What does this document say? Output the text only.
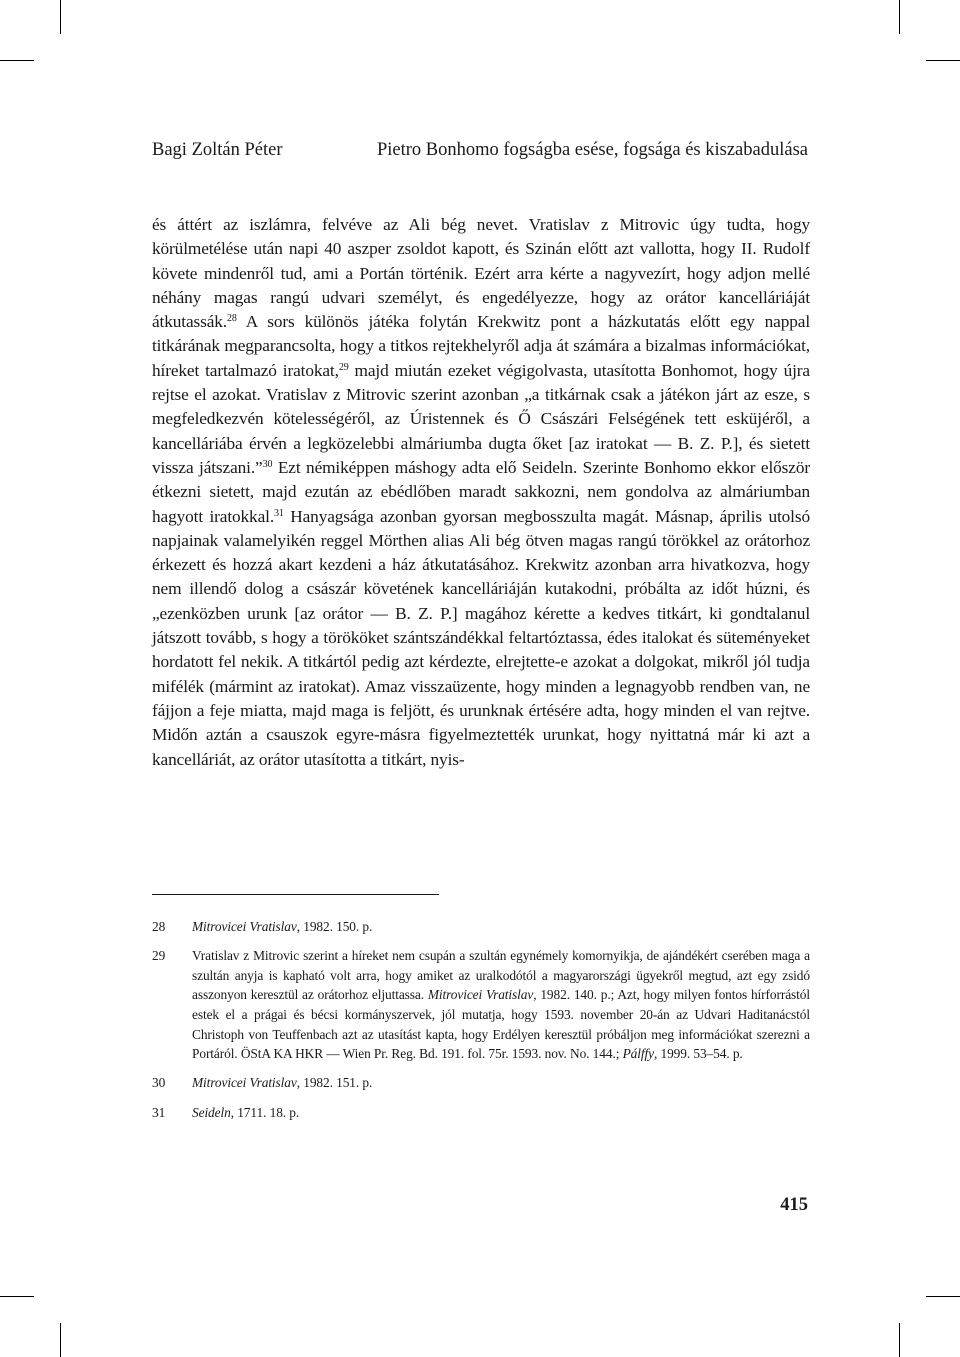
Bagi Zoltán Péter	Pietro Bonhomo fogságba esése, fogsága és kiszabadulása
és áttért az iszlámra, felvéve az Ali bég nevet. Vratislav z Mitrovic úgy tudta, hogy körülmetélése után napi 40 aszper zsoldot kapott, és Szinán előtt azt vallotta, hogy II. Rudolf követe mindenről tud, ami a Portán történik. Ezért arra kérte a nagyvezírt, hogy adjon mellé néhány magas rangú udvari személyt, és engedélyezze, hogy az orátor kancelláriáját átkutassák.$^{28}$ A sors különös játéka folytán Krekwitz pont a házkutatás előtt egy nappal titkárának megparancsolta, hogy a titkos rejtekhelyről adja át számára a bizalmas információkat, híreket tartalmazó iratokat,$^{29}$ majd miután ezeket végigolvasta, utasította Bonhomot, hogy újra rejtse el azokat. Vratislav z Mitrovic szerint azonban „a titkárnak csak a játékon járt az esze, s megfeledkezvén kötelességéről, az Úristennek és Ő Császári Felségének tett esküjéről, a kancelláriába érvén a legközelebbi almáriumba dugta őket [az iratokat — B. Z. P.], és sietett vissza játszani.”$^{30}$ Ezt némiképpen máshogy adta elő Seideln. Szerinte Bonhomo ekkor először étkezni sietett, majd ezután az ebédlőben maradt sakkozni, nem gondolva az almáriumban hagyott iratokkal.$^{31}$ Hanyagsága azonban gyorsan megbosszulta magát. Másnap, április utolsó napjainak valamelyikén reggel Mörthen alias Ali bég ötven magas rangú törökkel az orátorhoz érkezett és hozzá akart kezdeni a ház átkutatásához. Krekwitz azonban arra hivatkozva, hogy nem illendő dolog a császár követének kancelláriáján kutakodni, próbálta az időt húzni, és „ezenközben urunk [az orátor — B. Z. P.] magához kérette a kedves titkárt, ki gondtalanul játszott tovább, s hogy a törököket szántszándékkal feltartóztassa, édes italokat és süteményeket hordatott fel nekik. A titkártól pedig azt kérdezte, elrejtette-e azokat a dolgokat, mikről jól tudja mifélék (mármint az iratokat). Amaz visszaüzente, hogy minden a legnagyobb rendben van, ne fájjon a feje miatta, majd maga is feljött, és urunknak értésére adta, hogy minden el van rejtve. Midőn aztán a csauszok egyre-másra figyelmeztették urunkat, hogy nyittatná már ki azt a kancelláriát, az orátor utasította a titkárt, nyis-
28 Mitrovicei Vratislav, 1982. 150. p.
29 Vratislav z Mitrovic szerint a híreket nem csupán a szultán egynémely komornyikja, de ajándékért cserében maga a szultán anyja is kapható volt arra, hogy amiket az uralkodótól a magyarországi ügyekről megtud, azt egy zsidó asszonyon keresztül az orátorhoz eljuttassa. Mitrovicei Vratislav, 1982. 140. p.; Azt, hogy milyen fontos hírforrástól estek el a prágai és bécsi kormányszervek, jól mutatja, hogy 1593. november 20-án az Udvari Haditanácstól Christoph von Teuffenbach azt az utasítást kapta, hogy Erdélyen keresztül próbáljon meg információkat szerezni a Portáról. ÖStA KA HKR — Wien Pr. Reg. Bd. 191. fol. 75r. 1593. nov. No. 144.; Pálffy, 1999. 53–54. p.
30 Mitrovicei Vratislav, 1982. 151. p.
31 Seideln, 1711. 18. p.
415
